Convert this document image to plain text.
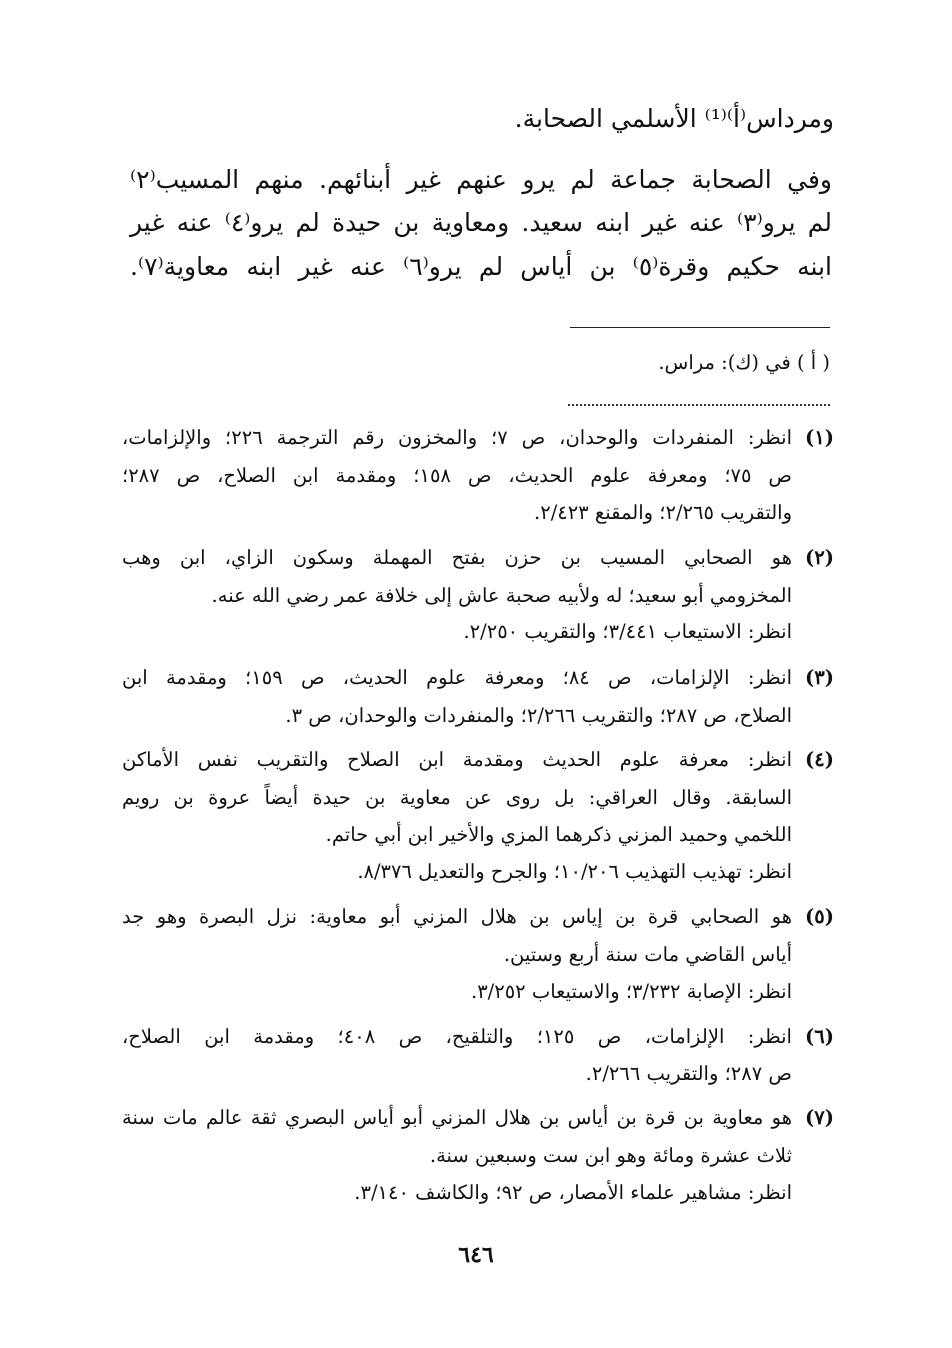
ومرداس⁽أ⁾⁽¹⁾ الأسلمي الصحابة.
وفي الصحابة جماعة لم يرو عنهم غير أبنائهم. منهم المسيب⁽٢⁾
لم يرو⁽٣⁾ عنه غير ابنه سعيد. ومعاوية بن حيدة لم يرو⁽٤⁾ عنه غير
ابنه حكيم وقرة⁽٥⁾ بن أياس لم يرو⁽٦⁾ عنه غير ابنه معاوية⁽٧⁾.
( أ ) في (ك): مراس.
(١)
انظر: المنفردات والوحدان، ص ٧؛ والمخزون رقم الترجمة ٢٢٦؛ والإلزامات،
ص ٧٥؛ ومعرفة علوم الحديث، ص ١٥٨؛ ومقدمة ابن الصلاح، ص ٢٨٧؛
والتقريب ٢/٢٦٥؛ والمقنع ٢/٤٢٣.
(٢)
هو الصحابي المسيب بن حزن بفتح المهملة وسكون الزاي، ابن وهب
المخزومي أبو سعيد؛ له ولأبيه صحبة عاش إلى خلافة عمر رضي الله عنه.
انظر: الاستيعاب ٣/٤٤١؛ والتقريب ٢/٢٥٠.
(٣)
انظر: الإلزامات، ص ٨٤؛ ومعرفة علوم الحديث، ص ١٥٩؛ ومقدمة ابن
الصلاح، ص ٢٨٧؛ والتقريب ٢/٢٦٦؛ والمنفردات والوحدان، ص ٣.
(٤)
انظر: معرفة علوم الحديث ومقدمة ابن الصلاح والتقريب نفس الأماكن
السابقة. وقال العراقي: بل روى عن معاوية بن حيدة أيضاً عروة بن رويم
اللخمي وحميد المزني ذكرهما المزي والأخير ابن أبي حاتم.
انظر: تهذيب التهذيب ١٠/٢٠٦؛ والجرح والتعديل ٨/٣٧٦.
(٥)
هو الصحابي قرة بن إياس بن هلال المزني أبو معاوية: نزل البصرة وهو جد
أياس القاضي مات سنة أربع وستين.
انظر: الإصابة ٣/٢٣٢؛ والاستيعاب ٣/٢٥٢.
(٦)
انظر: الإلزامات، ص ١٢٥؛ والتلقيح، ص ٤٠٨؛ ومقدمة ابن الصلاح،
ص ٢٨٧؛ والتقريب ٢/٢٦٦.
(٧)
هو معاوية بن قرة بن أياس بن هلال المزني أبو أياس البصري ثقة عالم مات سنة
ثلاث عشرة ومائة وهو ابن ست وسبعين سنة.
انظر: مشاهير علماء الأمصار، ص ٩٢؛ والكاشف ٣/١٤٠.
٦٤٦
